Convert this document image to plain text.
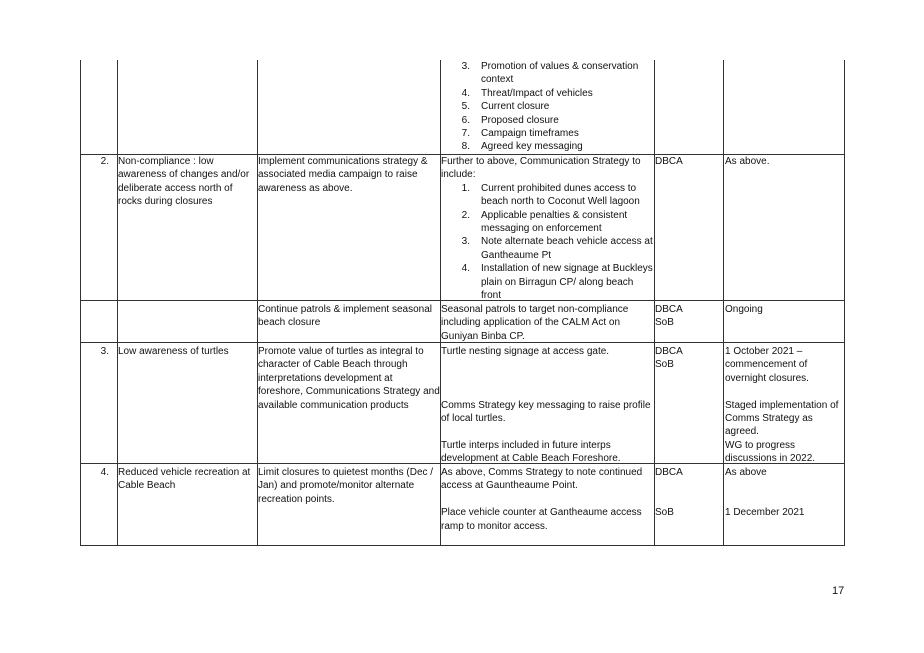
3. Promotion of values & conservation
context
4. Threat/Impact of vehicles
5. Current closure
6. Proposed closure
7. Campaign timeframes
8. Agreed key messaging
2. Non-compliance : low awareness of changes and/or deliberate access north of rocks during closures
Implement communications strategy & associated media campaign to raise awareness as above.
Further to above, Communication Strategy to
include:
1. Current prohibited dunes access to
beach north to Coconut Well lagoon
2. Applicable penalties & consistent
messaging on enforcement
3. Note alternate beach vehicle access at
Gantheaume Pt
4. Installation of new signage at Buckleys
plain on Birragun CP/ along beach
front
DBCA	As above.
Continue patrols & implement seasonal beach closure
Seasonal patrols to target non-compliance including application of the CALM Act on Guniyan Binba CP.
DBCA
SoB
Ongoing
3. Low awareness of turtles	Promote value of turtles as integral to character of Cable Beach through interpretations development at foreshore, Communications Strategy and available communication products
Turtle nesting signage at access gate.
Comms Strategy key messaging to raise profile of local turtles.
Turtle interps included in future interps development at Cable Beach Foreshore.
DBCA
SoB
1 October 2021 – commencement of overnight closures.
Staged implementation of Comms Strategy as agreed.
WG to progress discussions in 2022.
4. Reduced vehicle recreation at Cable Beach
Limit closures to quietest months (Dec / Jan) and promote/monitor alternate recreation points.
As above, Comms Strategy to note continued access at Gauntheaume Point.
Place vehicle counter at Gantheaume access ramp to monitor access.
DBCA
SoB
As above
1 December 2021
17
